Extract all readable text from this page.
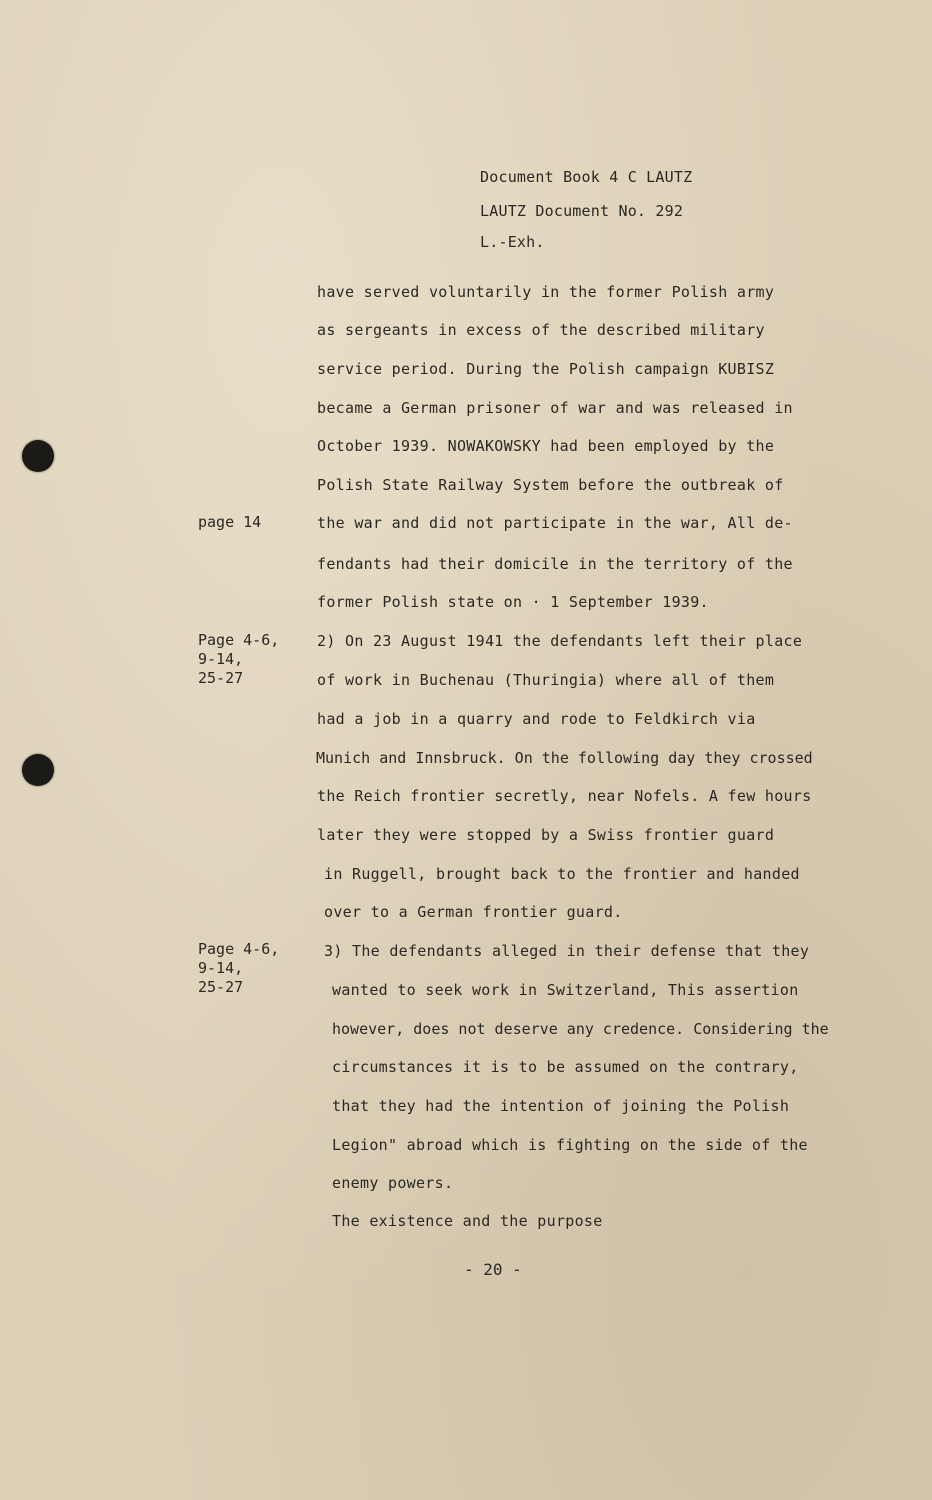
Document Book 4 C LAUTZ
LAUTZ Document No. 292
L.-Exh.
page 14
Page 4-6,
9-14,
25-27
Page 4-6,
9-14,
25-27
have served voluntarily in the former Polish army
as sergeants in excess of the described military
service period. During the Polish campaign KUBISZ
became a German prisoner of war and was released in
October 1939. NOWAKOWSKY had been employed by the
Polish State Railway System before the outbreak of
the war and did not participate in the war, All de-
fendants had their domicile in the territory of the
former Polish state on · 1 September 1939.
2) On 23 August 1941 the defendants left their place
of work in Buchenau (Thuringia) where all of them
had a job in a quarry and rode to Feldkirch via
Munich and Innsbruck. On the following day they crossed
the Reich frontier secretly, near Nofels. A few hours
later they were stopped by a Swiss frontier guard
in Ruggell, brought back to the frontier and handed
over to a German frontier guard.
3) The defendants alleged in their defense that they
wanted to seek work in Switzerland, This assertion
however, does not deserve any credence. Considering the
circumstances it is to be assumed on the contrary,
that they had the intention of joining the Polish
Legion" abroad which is fighting on the side of the
enemy powers.
The existence and the purpose
- 20 -
